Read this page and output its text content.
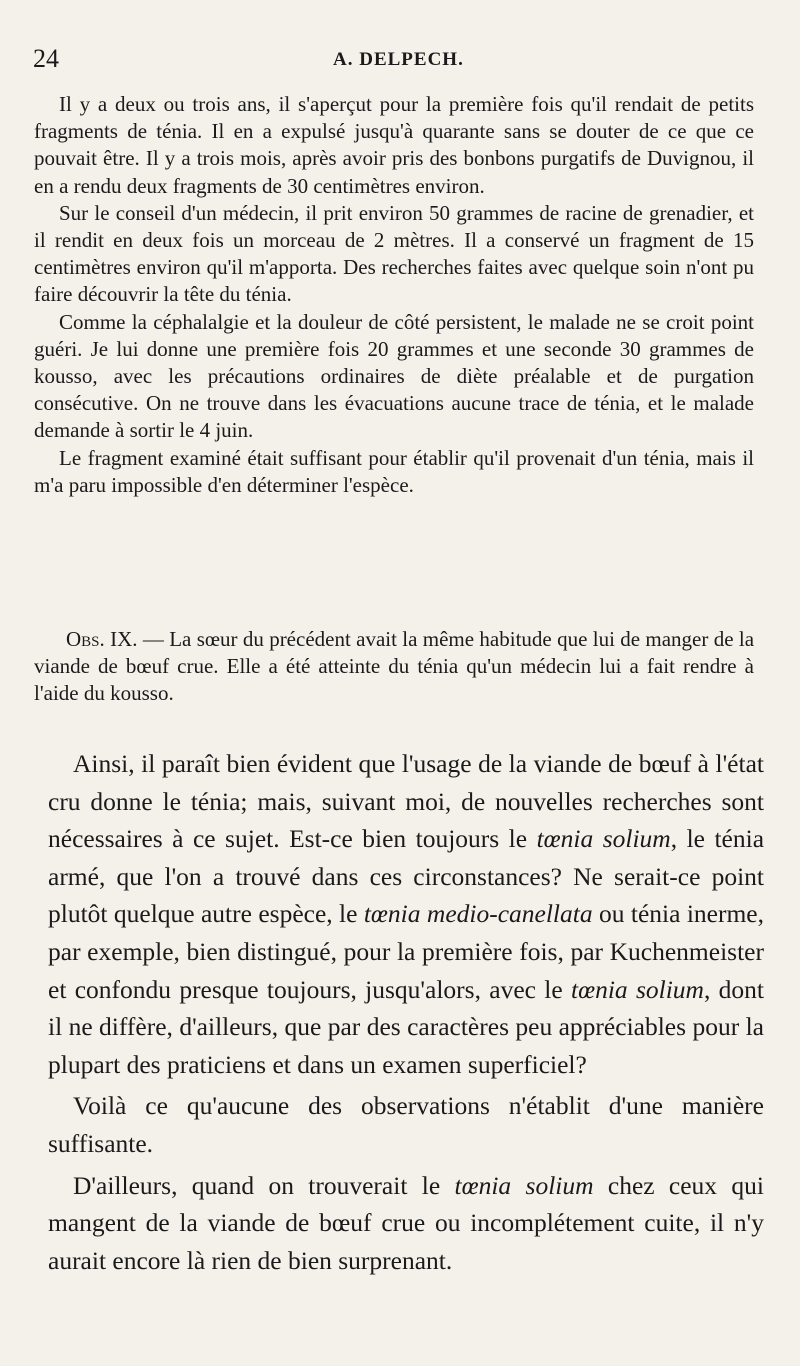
24	A. DELPECH.

Il y a deux ou trois ans, il s'aperçut pour la première fois qu'il rendait de petits fragments de ténia. Il en a expulsé jusqu'à quarante sans se douter de ce que ce pouvait être. Il y a trois mois, après avoir pris des bonbons purgatifs de Duvignou, il en a rendu deux fragments de 30 centimètres environ.

Sur le conseil d'un médecin, il prit environ 50 grammes de racine de grenadier, et il rendit en deux fois un morceau de 2 mètres. Il a conservé un fragment de 15 centimètres environ qu'il m'apporta. Des recherches faites avec quelque soin n'ont pu faire découvrir la tête du ténia.

Comme la céphalalgie et la douleur de côté persistent, le malade ne se croit point guéri. Je lui donne une première fois 20 grammes et une seconde 30 grammes de kousso, avec les précautions ordinaires de diète préalable et de purgation consécutive. On ne trouve dans les évacuations aucune trace de ténia, et le malade demande à sortir le 4 juin.

Le fragment examiné était suffisant pour établir qu'il provenait d'un ténia, mais il m'a paru impossible d'en déterminer l'espèce.

Obs. IX. — La sœur du précédent avait la même habitude que lui de manger de la viande de bœuf crue. Elle a été atteinte du ténia qu'un médecin lui a fait rendre à l'aide du kousso.

Ainsi, il paraît bien évident que l'usage de la viande de bœuf à l'état cru donne le ténia; mais, suivant moi, de nouvelles recherches sont nécessaires à ce sujet. Est-ce bien toujours le tœnia solium, le ténia armé, que l'on a trouvé dans ces circonstances? Ne serait-ce point plutôt quelque autre espèce, le tœnia medio-canellata ou ténia inerme, par exemple, bien distingué, pour la première fois, par Kuchenmeister et confondu presque toujours, jusqu'alors, avec le tœnia solium, dont il ne diffère, d'ailleurs, que par des caractères peu appréciables pour la plupart des praticiens et dans un examen superficiel?

Voilà ce qu'aucune des observations n'établit d'une manière suffisante.

D'ailleurs, quand on trouverait le tœnia solium chez ceux qui mangent de la viande de bœuf crue ou incomplétement cuite, il n'y aurait encore là rien de bien surprenant.
